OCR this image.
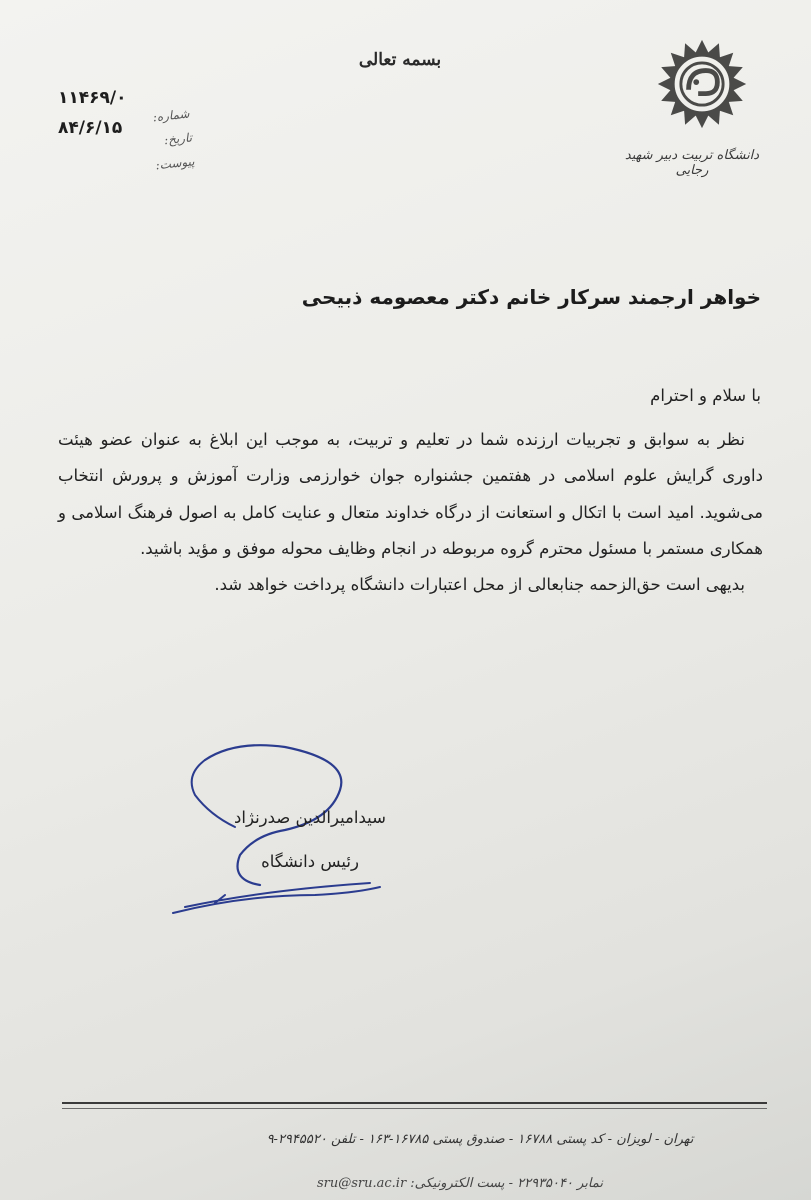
بسمه تعالی
دانشگاه تربیت دبیر شهید رجایی
۱۱۴۶۹/۰
۸۴/۶/۱۵
شماره:
تاریخ:
پیوست:
خواهر ارجمند سرکار خانم دکتر معصومه ذبیحی
با سلام و احترام

نظر به سوابق و تجربیات ارزنده شما در تعلیم و تربیت، به موجب این ابلاغ به عنوان عضو هیئت داوری گرایش علوم اسلامی در هفتمین جشنواره جوان خوارزمی وزارت آموزش و پرورش انتخاب می‌شوید. امید است با اتکال و استعانت از درگاه خداوند متعال و عنایت کامل به اصول فرهنگ اسلامی و همکاری مستمر با مسئول محترم گروه مربوطه در انجام وظایف محوله موفق و مؤید باشید.

بدیهی است حق‌الزحمه جنابعالی از محل اعتبارات دانشگاه پرداخت خواهد شد.

سیدامیرالدین صدرنژاد
رئیس دانشگاه
تهران - لویزان - کد پستی ۱۶۷۸۸ - صندوق پستی ۱۶۷۸۵-۱۶۳ - تلفن ۲۹۴۵۵۲۰-۹
نمابر ۲۲۹۳۵۰۴۰ - پست الکترونیکی: sru@sru.ac.ir
